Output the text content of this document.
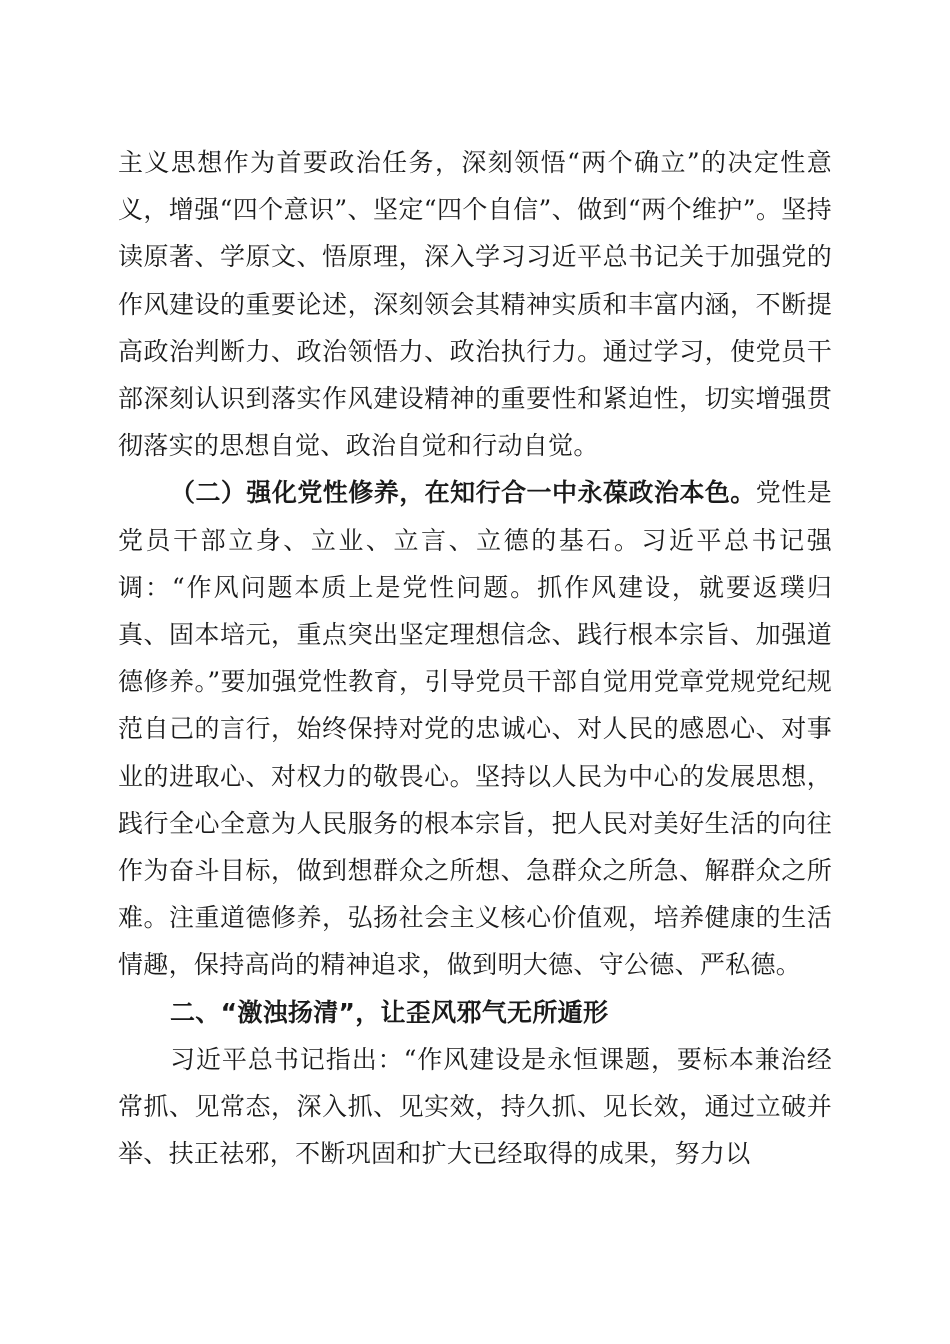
主义思想作为首要政治任务，深刻领悟“两个确立”的决定性意义，增强“四个意识”、坚定“四个自信”、做到“两个维护”。坚持读原著、学原文、悟原理，深入学习习近平总书记关于加强党的作风建设的重要论述，深刻领会其精神实质和丰富内涵，不断提高政治判断力、政治领悟力、政治执行力。通过学习，使党员干部深刻认识到落实作风建设精神的重要性和紧迫性，切实增强贯彻落实的思想自觉、政治自觉和行动自觉。

（二）强化党性修养，在知行合一中永葆政治本色。党性是党员干部立身、立业、立言、立德的基石。习近平总书记强调：“作风问题本质上是党性问题。抓作风建设，就要返璞归真、固本培元，重点突出坚定理想信念、践行根本宗旨、加强道德修养。”要加强党性教育，引导党员干部自觉用党章党规党纪规范自己的言行，始终保持对党的忠诚心、对人民的感恩心、对事业的进取心、对权力的敬畏心。坚持以人民为中心的发展思想，践行全心全意为人民服务的根本宗旨，把人民对美好生活的向往作为奋斗目标，做到想群众之所想、急群众之所急、解群众之所难。注重道德修养，弘扬社会主义核心价值观，培养健康的生活情趣，保持高尚的精神追求，做到明大德、守公德、严私德。

二、“激浊扬清”，让歪风邪气无所遁形

习近平总书记指出：“作风建设是永恒课题，要标本兼治经常抓、见常态，深入抓、见实效，持久抓、见长效，通过立破并举、扶正祛邪，不断巩固和扩大已经取得的成果，努力以
